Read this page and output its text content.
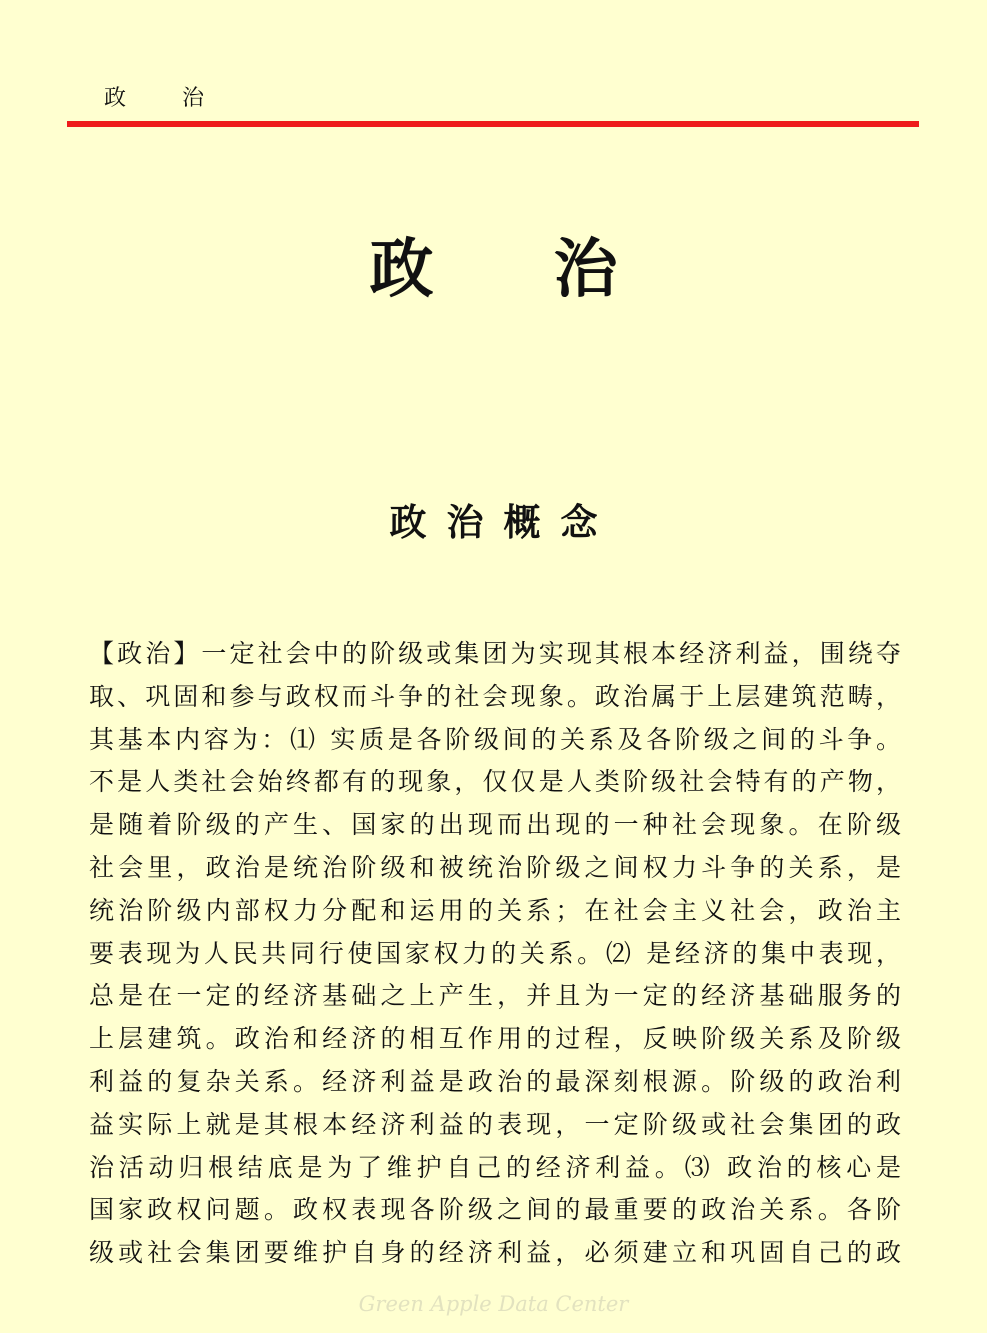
政治
政治
政治概念
【政治】一定社会中的阶级或集团为实现其根本经济利益，围绕夺
取、巩固和参与政权而斗争的社会现象。政治属于上层建筑范畴，
其基本内容为：⑴ 实质是各阶级间的关系及各阶级之间的斗争。
不是人类社会始终都有的现象，仅仅是人类阶级社会特有的产物，
是随着阶级的产生、国家的出现而出现的一种社会现象。在阶级
社会里，政治是统治阶级和被统治阶级之间权力斗争的关系，是
统治阶级内部权力分配和运用的关系；在社会主义社会，政治主
要表现为人民共同行使国家权力的关系。⑵ 是经济的集中表现，
总是在一定的经济基础之上产生，并且为一定的经济基础服务的
上层建筑。政治和经济的相互作用的过程，反映阶级关系及阶级
利益的复杂关系。经济利益是政治的最深刻根源。阶级的政治利
益实际上就是其根本经济利益的表现，一定阶级或社会集团的政
治活动归根结底是为了维护自己的经济利益。⑶ 政治的核心是
国家政权问题。政权表现各阶级之间的最重要的政治关系。各阶
级或社会集团要维护自身的经济利益，必须建立和巩固自己的政
Green Apple Data Center
